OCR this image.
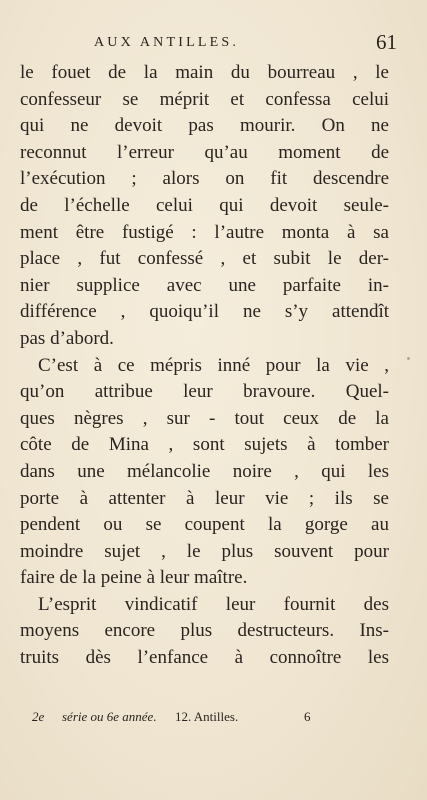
AUX ANTILLES.	61
le fouet de la main du bourreau , le
confesseur se méprit et confessa celui
qui ne devoit pas mourir. On ne
reconnut l’erreur qu’au moment de
l’exécution ; alors on fit descendre
de l’échelle celui qui devoit seule-
ment être fustigé : l’autre monta à sa
place , fut confessé , et subit le der-
nier supplice avec une parfaite in-
différence , quoiqu’il ne s’y attendît
pas d’abord.
C’est à ce mépris inné pour la vie ,
qu’on attribue leur bravoure. Quel-
ques nègres , sur - tout ceux de la
côte de Mina , sont sujets à tomber
dans une mélancolie noire , qui les
porte à attenter à leur vie ; ils se
pendent ou se coupent la gorge au
moindre sujet , le plus souvent pour
faire de la peine à leur maître.
L’esprit vindicatif leur fournit des
moyens encore plus destructeurs. Ins-
truits dès l’enfance à connoître les
2e série ou 6e année. 12. Antilles.	6
